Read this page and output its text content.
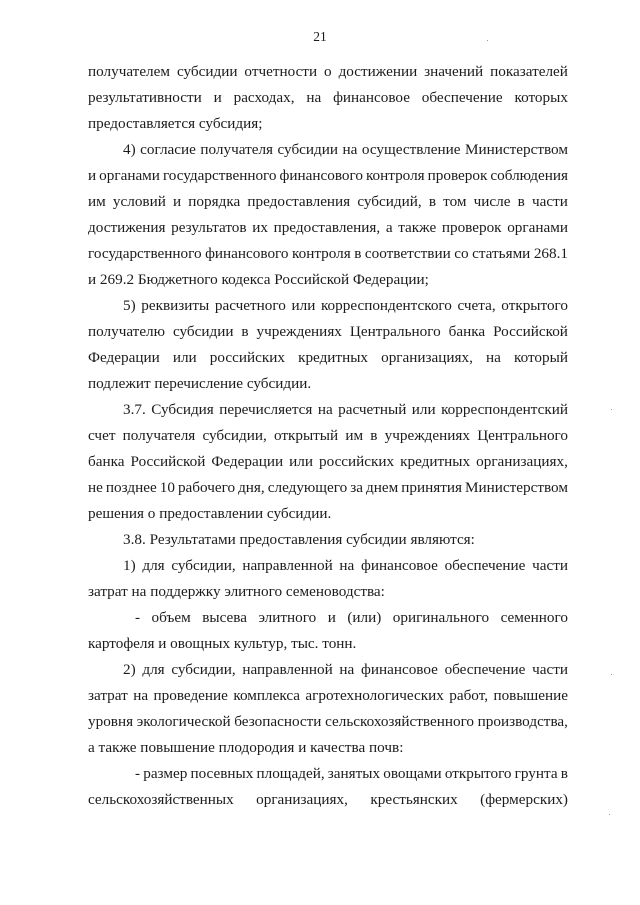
21
получателем субсидии отчетности о достижении значений показателей
результативности и расходах, на финансовое обеспечение которых
предоставляется субсидия;
4) согласие получателя субсидии на осуществление Министерством
и органами государственного финансового контроля проверок соблюдения
им условий и порядка предоставления субсидий, в том числе в части
достижения результатов их предоставления, а также проверок органами
государственного финансового контроля в соответствии со статьями 268.1
и 269.2 Бюджетного кодекса Российской Федерации;
5) реквизиты расчетного или корреспондентского счета, открытого
получателю субсидии в учреждениях Центрального банка Российской
Федерации или российских кредитных организациях, на который
подлежит перечисление субсидии.
3.7. Субсидия перечисляется на расчетный или корреспондентский
счет получателя субсидии, открытый им в учреждениях Центрального
банка Российской Федерации или российских кредитных организациях,
не позднее 10 рабочего дня, следующего за днем принятия Министерством
решения о предоставлении субсидии.
3.8. Результатами предоставления субсидии являются:
1) для субсидии, направленной на финансовое обеспечение части
затрат на поддержку элитного семеноводства:
- объем высева элитного и (или) оригинального семенного
картофеля и овощных культур, тыс. тонн.
2) для субсидии, направленной на финансовое обеспечение части
затрат на проведение комплекса агротехнологических работ, повышение
уровня экологической безопасности сельскохозяйственного производства,
а также повышение плодородия и качества почв:
- размер посевных площадей, занятых овощами открытого грунта в
сельскохозяйственных организациях, крестьянских (фермерских)
